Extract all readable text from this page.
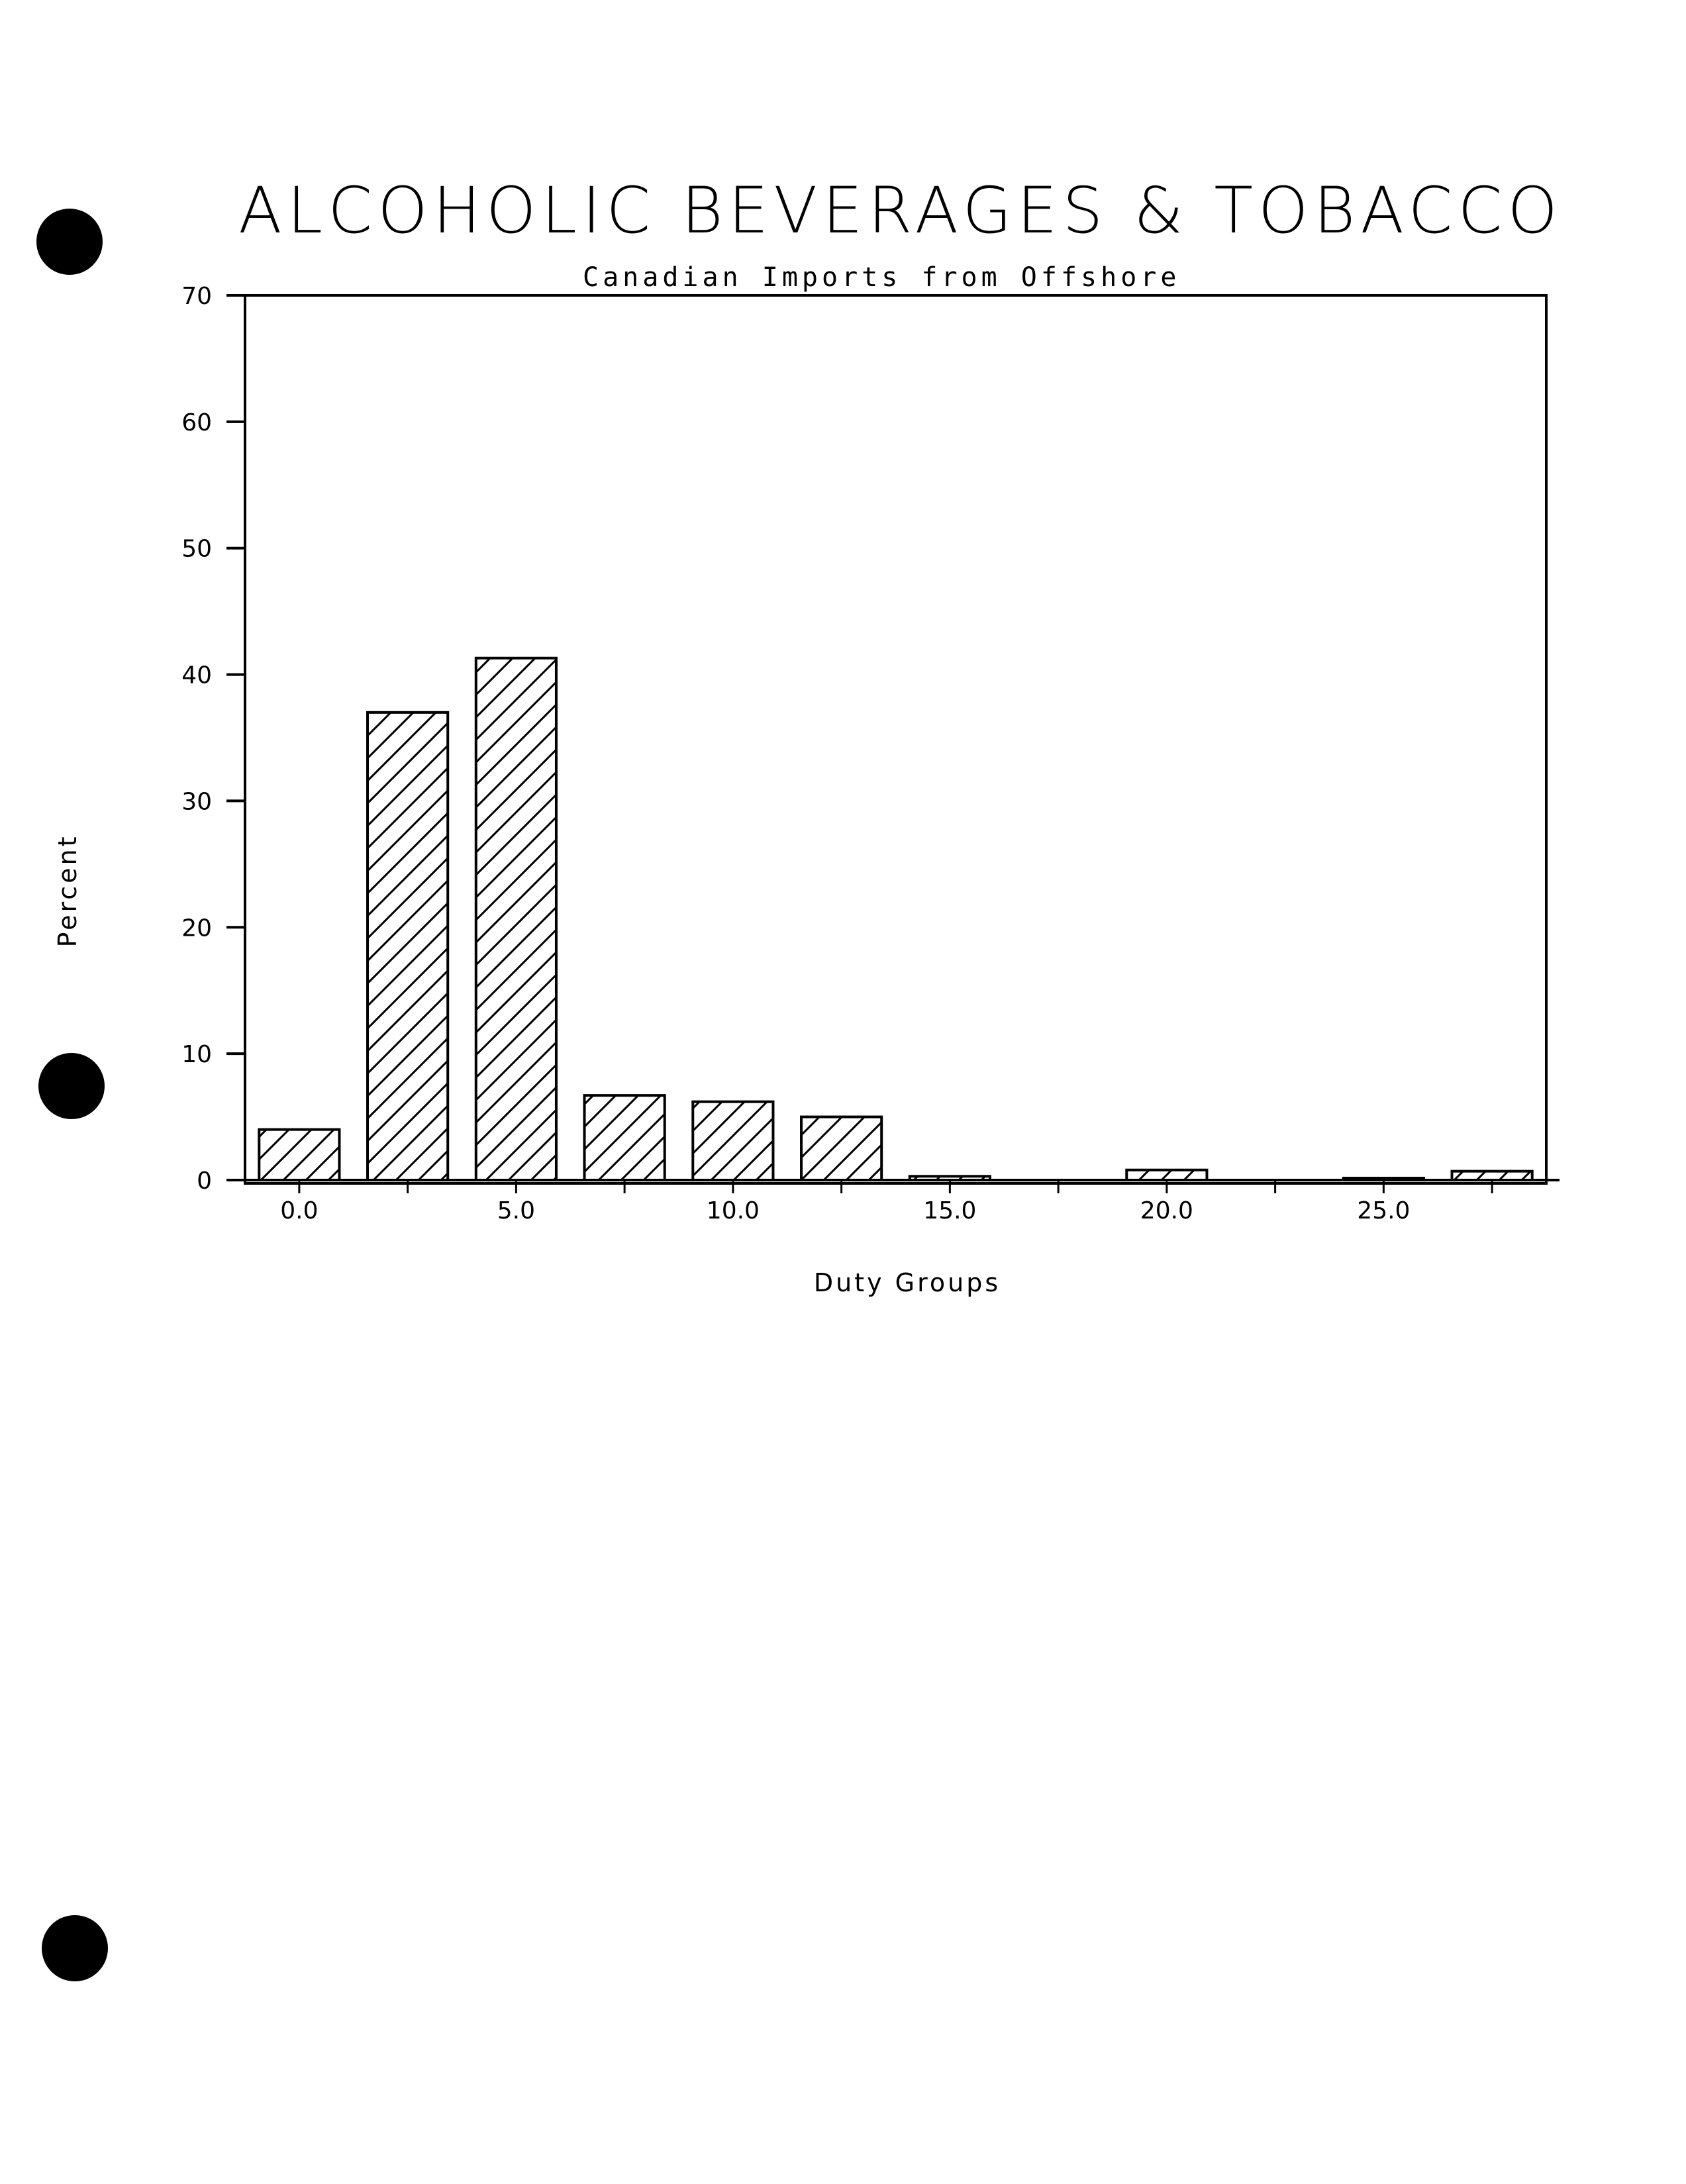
ALCOHOLIC BEVERAGES & TOBACCO
Canadian Imports from Offshore
0
10
20
30
40
50
60
70
0.0	5.0	10.0	15.0	20.0	25.0
Duty Groups
Percent
